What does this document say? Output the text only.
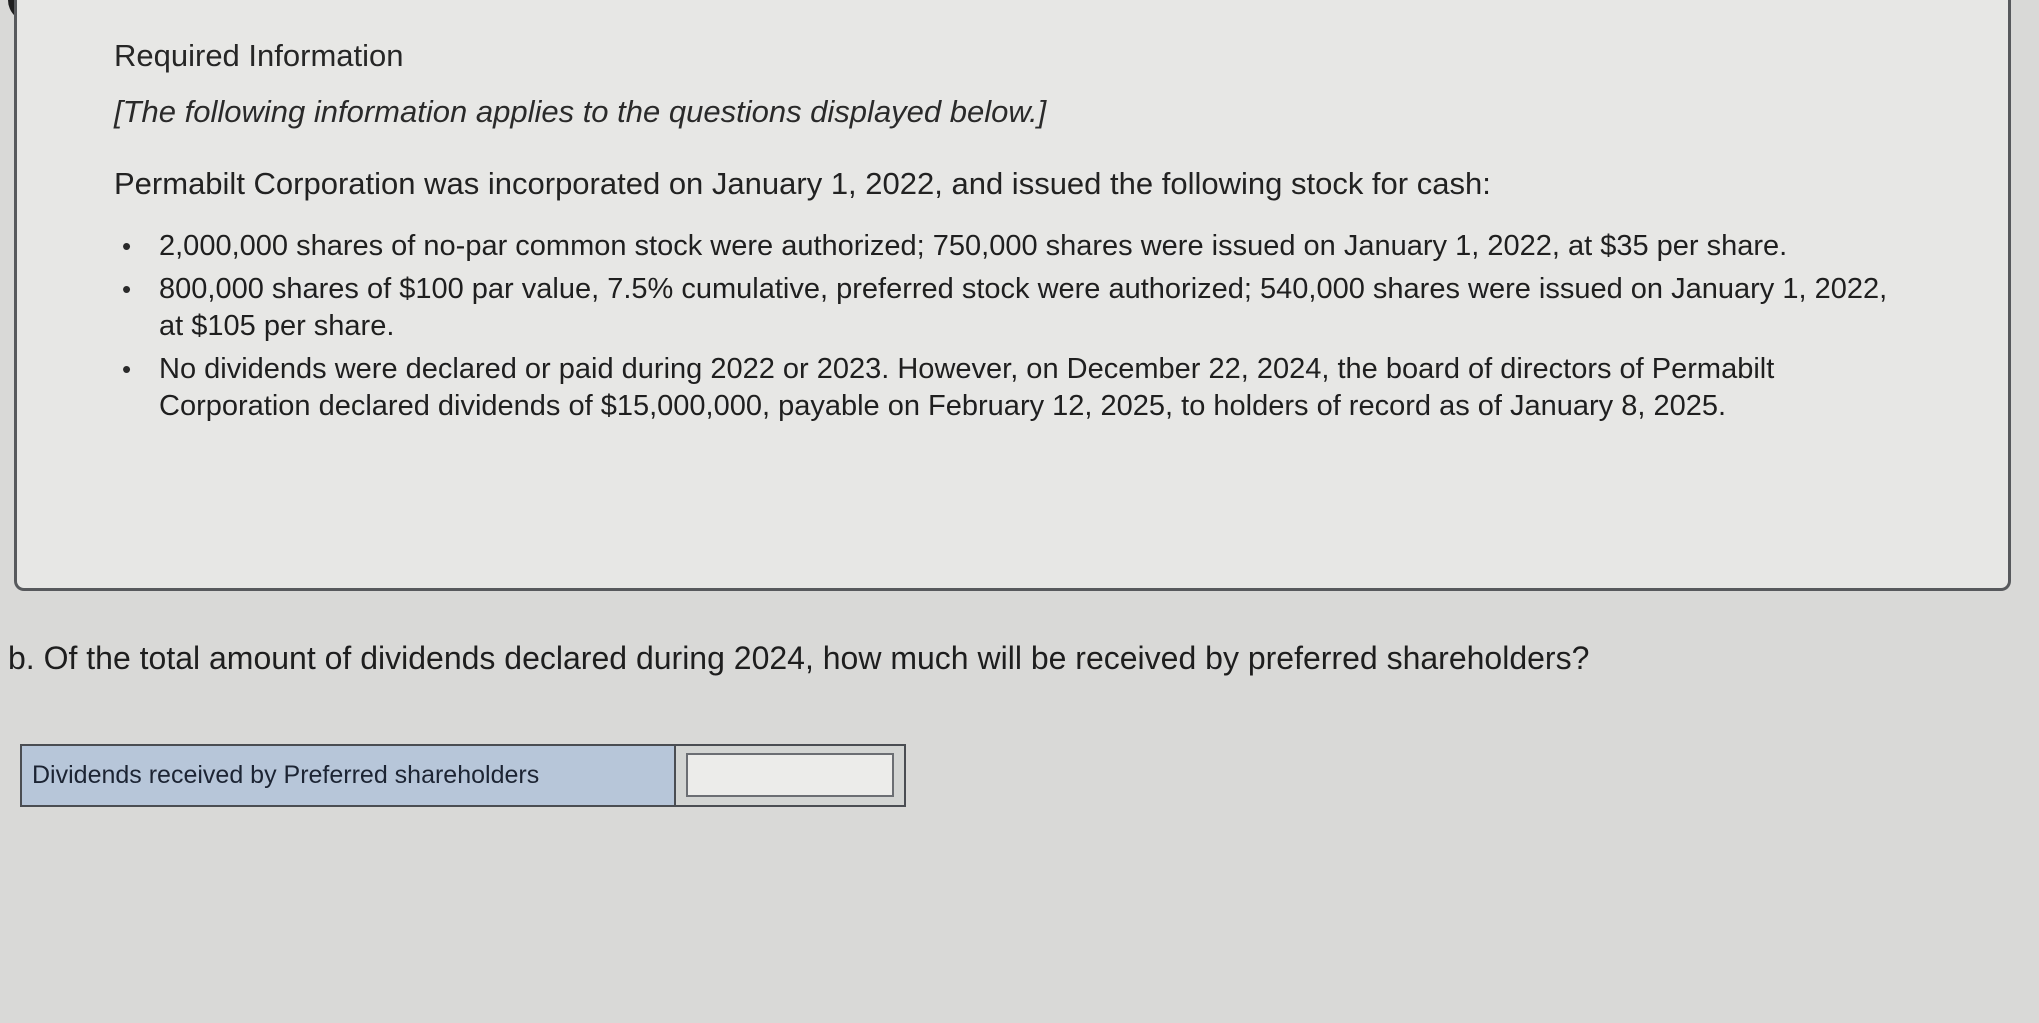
Required Information

[The following information applies to the questions displayed below.]

Permabilt Corporation was incorporated on January 1, 2022, and issued the following stock for cash:

• 2,000,000 shares of no-par common stock were authorized; 750,000 shares were issued on January 1, 2022, at $35 per share.
• 800,000 shares of $100 par value, 7.5% cumulative, preferred stock were authorized; 540,000 shares were issued on January 1, 2022, at $105 per share.
• No dividends were declared or paid during 2022 or 2023. However, on December 22, 2024, the board of directors of Permabilt Corporation declared dividends of $15,000,000, payable on February 12, 2025, to holders of record as of January 8, 2025.
b. Of the total amount of dividends declared during 2024, how much will be received by preferred shareholders?
Dividends received by Preferred shareholders
